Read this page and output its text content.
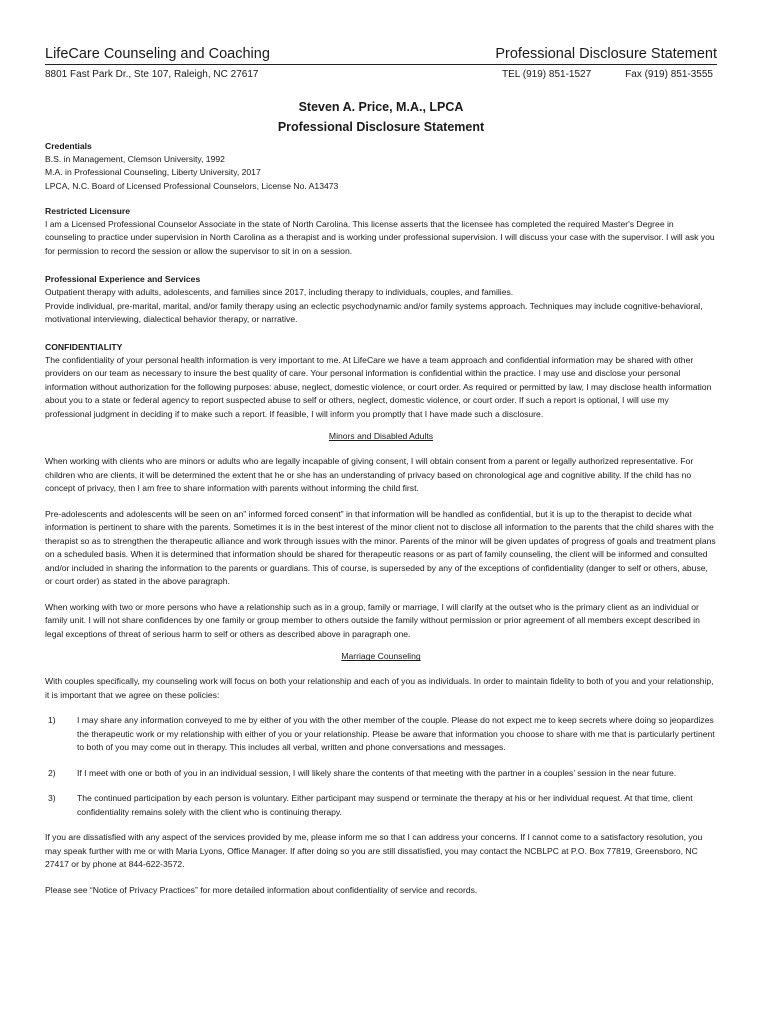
LifeCare Counseling and Coaching	Professional Disclosure Statement
8801 Fast Park Dr., Ste 107, Raleigh, NC 27617	TEL (919) 851-1527	Fax (919) 851-3555
Steven A. Price, M.A., LPCA
Professional Disclosure Statement
Credentials
B.S. in Management, Clemson University, 1992
M.A. in Professional Counseling, Liberty University, 2017
LPCA, N.C. Board of Licensed Professional Counselors, License No. A13473
Restricted Licensure

I am a Licensed Professional Counselor Associate in the state of North Carolina. This license asserts that the licensee has completed the required Master's Degree in counseling to practice under supervision in North Carolina as a therapist and is working under professional supervision. I will discuss your case with the supervisor. I will ask you for permission to record the session or allow the supervisor to sit in on a session.

Professional Experience and Services

Outpatient therapy with adults, adolescents, and families since 2017, including therapy to individuals, couples, and families.

Provide individual, pre-marital, marital, and/or family therapy using an eclectic psychodynamic and/or family systems approach. Techniques may include cognitive-behavioral, motivational interviewing, dialectical behavior therapy, or narrative.

CONFIDENTIALITY

The confidentiality of your personal health information is very important to me. At LifeCare we have a team approach and confidential information may be shared with other providers on our team as necessary to insure the best quality of care. Your personal information is confidential within the practice. I may use and disclose your personal information without authorization for the following purposes: abuse, neglect, domestic violence, or court order. As required or permitted by law, I may disclose health information about you to a state or federal agency to report suspected abuse to self or others, neglect, domestic violence, or court order. If such a report is optional, I will use my professional judgment in deciding if to make such a report. If feasible, I will inform you promptly that I have made such a disclosure.

Minors and Disabled Adults

When working with clients who are minors or adults who are legally incapable of giving consent, I will obtain consent from a parent or legally authorized representative. For children who are clients, it will be determined the extent that he or she has an understanding of privacy based on chronological age and cognitive ability. If the child has no concept of privacy, then I am free to share information with parents without informing the child first.

Pre-adolescents and adolescents will be seen on an” informed forced consent” in that information will be handled as confidential, but it is up to the therapist to decide what information is pertinent to share with the parents. Sometimes it is in the best interest of the minor client not to disclose all information to the parents that the child shares with the therapist so as to strengthen the therapeutic alliance and work through issues with the minor. Parents of the minor will be given updates of progress of goals and treatment plans on a scheduled basis. When it is determined that information should be shared for therapeutic reasons or as part of family counseling, the client will be informed and consulted and/or included in sharing the information to the parents or guardians. This of course, is superseded by any of the exceptions of confidentiality (danger to self or others, abuse, or court order) as stated in the above paragraph.

When working with two or more persons who have a relationship such as in a group, family or marriage, I will clarify at the outset who is the primary client as an individual or family unit. I will not share confidences by one family or group member to others outside the family without permission or prior agreement of all members except described in legal exceptions of threat of serious harm to self or others as described above in paragraph one.

Marriage Counseling

With couples specifically, my counseling work will focus on both your relationship and each of you as individuals. In order to maintain fidelity to both of you and your relationship, it is important that we agree on these policies:

1)	I may share any information conveyed to me by either of you with the other member of the couple. Please do not expect me to keep secrets where doing so jeopardizes the therapeutic work or my relationship with either of you or your relationship. Please be aware that information you choose to share with me that is particularly pertinent to both of you may come out in therapy. This includes all verbal, written and phone conversations and messages.
2)	If I meet with one or both of you in an individual session, I will likely share the contents of that meeting with the partner in a couples’ session in the near future.
3)	The continued participation by each person is voluntary. Either participant may suspend or terminate the therapy at his or her individual request. At that time, client confidentiality remains solely with the client who is continuing therapy.

If you are dissatisfied with any aspect of the services provided by me, please inform me so that I can address your concerns. If I cannot come to a satisfactory resolution, you may speak further with me or with Maria Lyons, Office Manager. If after doing so you are still dissatisfied, you may contact the NCBLPC at P.O. Box 77819, Greensboro, NC 27417 or by phone at 844-622-3572.

Please see “Notice of Privacy Practices” for more detailed information about confidentiality of service and records.
